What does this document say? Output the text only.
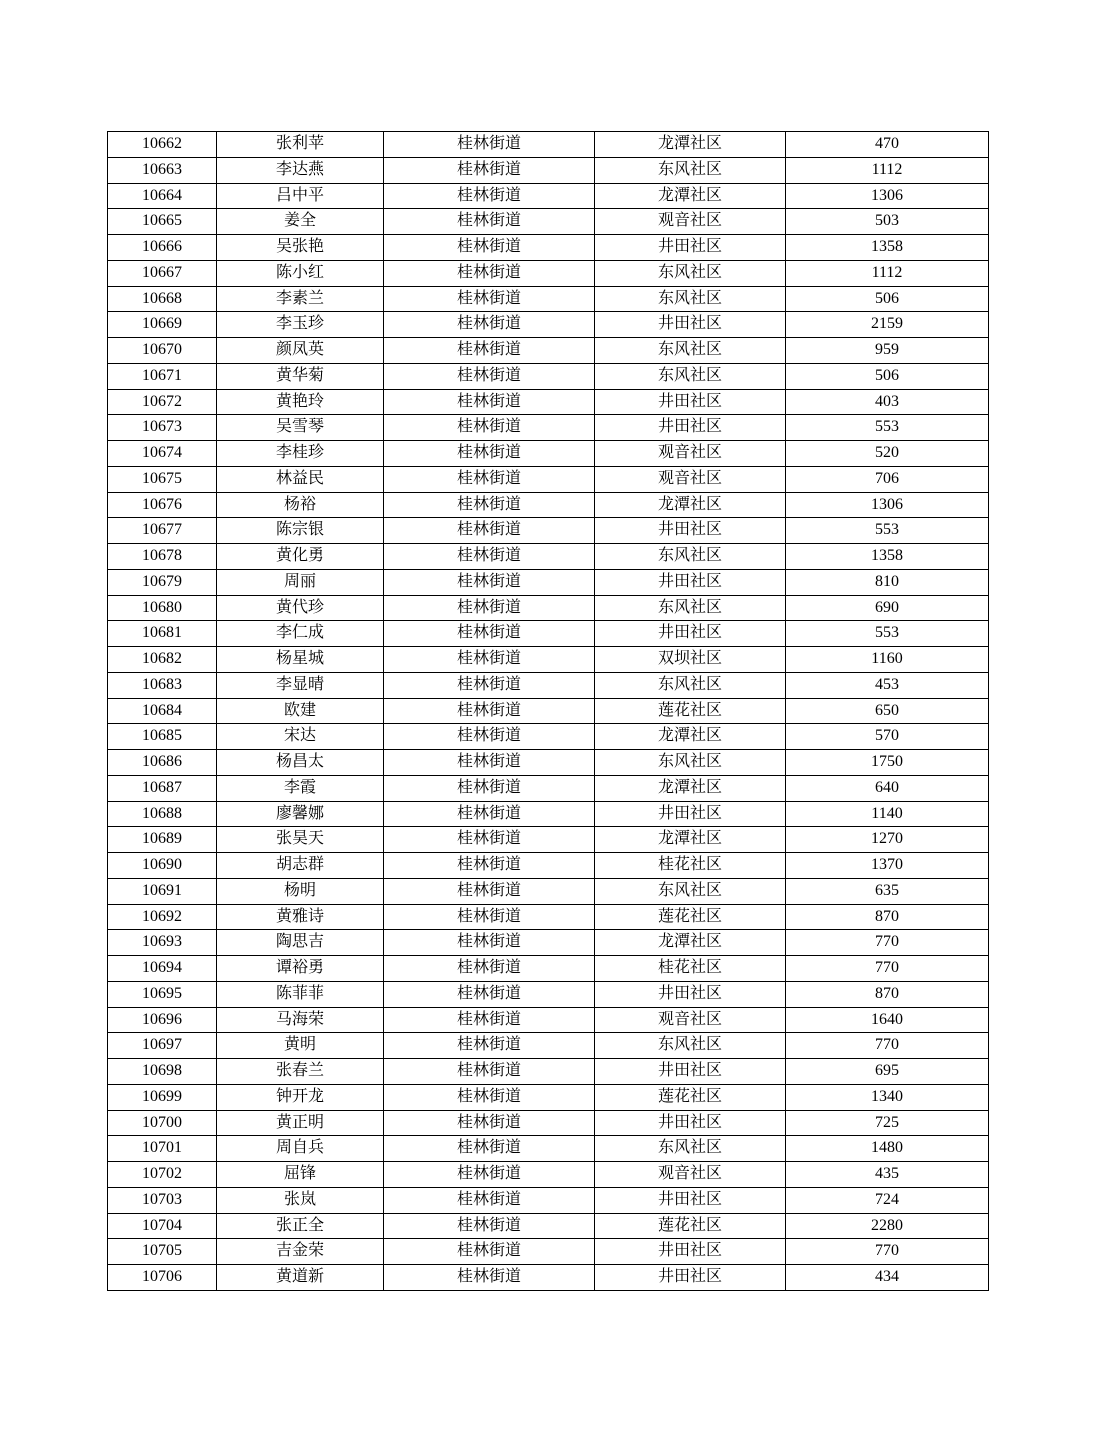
10662	张利苹	桂林街道	龙潭社区	470
10663	李达燕	桂林街道	东风社区	1112
10664	吕中平	桂林街道	龙潭社区	1306
10665	姜全	桂林街道	观音社区	503
10666	吴张艳	桂林街道	井田社区	1358
10667	陈小红	桂林街道	东风社区	1112
10668	李素兰	桂林街道	东风社区	506
10669	李玉珍	桂林街道	井田社区	2159
10670	颜凤英	桂林街道	东风社区	959
10671	黄华菊	桂林街道	东风社区	506
10672	黄艳玲	桂林街道	井田社区	403
10673	吴雪琴	桂林街道	井田社区	553
10674	李桂珍	桂林街道	观音社区	520
10675	林益民	桂林街道	观音社区	706
10676	杨裕	桂林街道	龙潭社区	1306
10677	陈宗银	桂林街道	井田社区	553
10678	黄化勇	桂林街道	东风社区	1358
10679	周丽	桂林街道	井田社区	810
10680	黄代珍	桂林街道	东风社区	690
10681	李仁成	桂林街道	井田社区	553
10682	杨星城	桂林街道	双坝社区	1160
10683	李显晴	桂林街道	东风社区	453
10684	欧建	桂林街道	莲花社区	650
10685	宋达	桂林街道	龙潭社区	570
10686	杨昌太	桂林街道	东风社区	1750
10687	李霞	桂林街道	龙潭社区	640
10688	廖馨娜	桂林街道	井田社区	1140
10689	张昊天	桂林街道	龙潭社区	1270
10690	胡志群	桂林街道	桂花社区	1370
10691	杨明	桂林街道	东风社区	635
10692	黄雅诗	桂林街道	莲花社区	870
10693	陶思吉	桂林街道	龙潭社区	770
10694	谭裕勇	桂林街道	桂花社区	770
10695	陈菲菲	桂林街道	井田社区	870
10696	马海荣	桂林街道	观音社区	1640
10697	黄明	桂林街道	东风社区	770
10698	张春兰	桂林街道	井田社区	695
10699	钟开龙	桂林街道	莲花社区	1340
10700	黄正明	桂林街道	井田社区	725
10701	周自兵	桂林街道	东风社区	1480
10702	屈锋	桂林街道	观音社区	435
10703	张岚	桂林街道	井田社区	724
10704	张正全	桂林街道	莲花社区	2280
10705	吉金荣	桂林街道	井田社区	770
10706	黄道新	桂林街道	井田社区	434
